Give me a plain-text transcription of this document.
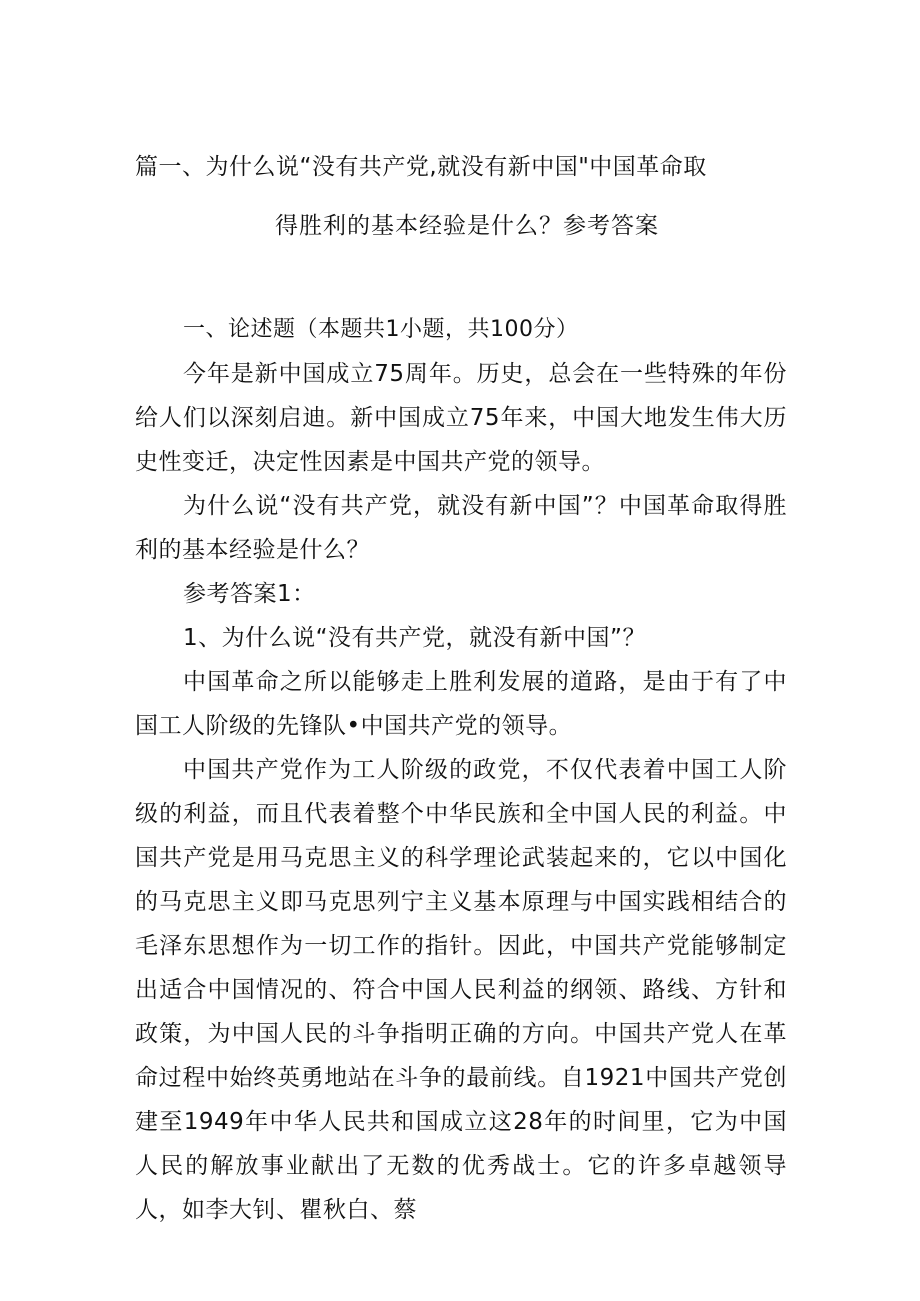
篇一、为什么说“没有共产党,就没有新中国"中国革命取
得胜利的基本经验是什么？参考答案

一、论述题（本题共1小题，共100分）

今年是新中国成立75周年。历史，总会在一些特殊的年份给人们以深刻启迪。新中国成立75年来，中国大地发生伟大历史性变迁，决定性因素是中国共产党的领导。

为什么说“没有共产党，就没有新中国”？中国革命取得胜利的基本经验是什么？

参考答案1：

1、为什么说“没有共产党，就没有新中国”？

中国革命之所以能够走上胜利发展的道路，是由于有了中国工人阶级的先锋队•中国共产党的领导。

中国共产党作为工人阶级的政党，不仅代表着中国工人阶级的利益，而且代表着整个中华民族和全中国人民的利益。中国共产党是用马克思主义的科学理论武装起来的，它以中国化的马克思主义即马克思列宁主义基本原理与中国实践相结合的毛泽东思想作为一切工作的指针。因此，中国共产党能够制定出适合中国情况的、符合中国人民利益的纲领、路线、方针和政策，为中国人民的斗争指明正确的方向。中国共产党人在革命过程中始终英勇地站在斗争的最前线。自1921中国共产党创建至1949年中华人民共和国成立这28年的时间里，它为中国人民的解放事业献出了无数的优秀战士。它的许多卓越领导人，如李大钊、瞿秋白、蔡
